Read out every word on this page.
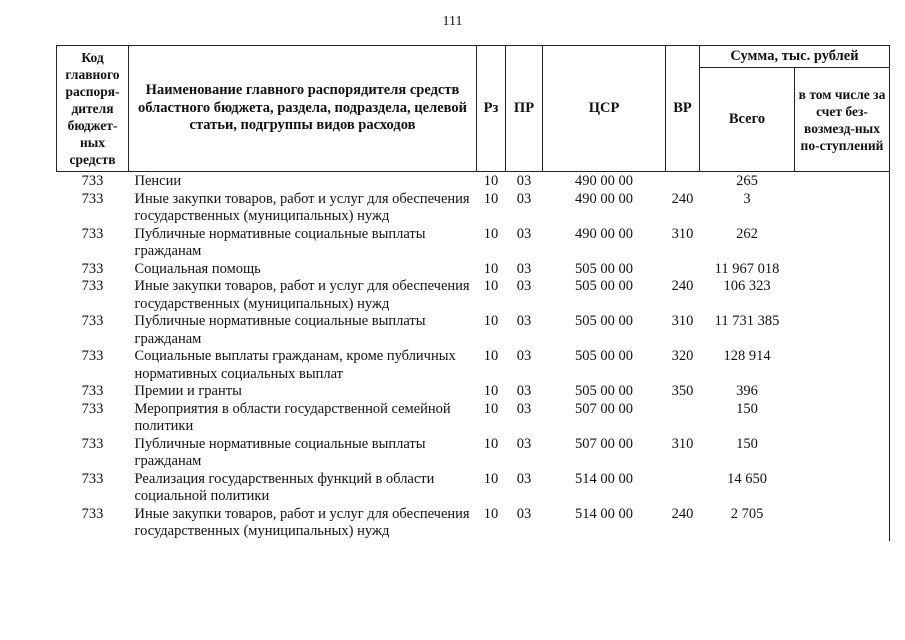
111
Код главного распоря-дителя бюджет-ных средств	Наименование главного распорядителя средств областного бюджета, раздела, подраздела, целевой статьи, подгруппы видов расходов	Рз	ПР	ЦСР	ВР	Сумма, тыс. рублей	
						Всего	в том числе за счет без-возмезд-ных по-ступлений
733	Пенсии	10	03	490 00 00		265	
733	Иные закупки товаров, работ и услуг для обеспечения государственных (муниципальных) нужд	10	03	490 00 00	240	3	
733	Публичные нормативные социальные выплаты гражданам	10	03	490 00 00	310	262	
733	Социальная помощь	10	03	505 00 00		11 967 018	
733	Иные закупки товаров, работ и услуг для обеспечения государственных (муниципальных) нужд	10	03	505 00 00	240	106 323	
733	Публичные нормативные социальные выплаты гражданам	10	03	505 00 00	310	11 731 385	
733	Социальные выплаты гражданам, кроме публичных нормативных социальных выплат	10	03	505 00 00	320	128 914	
733	Премии и гранты	10	03	505 00 00	350	396	
733	Мероприятия в области государственной семейной политики	10	03	507 00 00		150	
733	Публичные нормативные социальные выплаты гражданам	10	03	507 00 00	310	150	
733	Реализация государственных функций в области социальной политики	10	03	514 00 00		14 650	
733	Иные закупки товаров, работ и услуг для обеспечения государственных (муниципальных) нужд	10	03	514 00 00	240	2 705	
